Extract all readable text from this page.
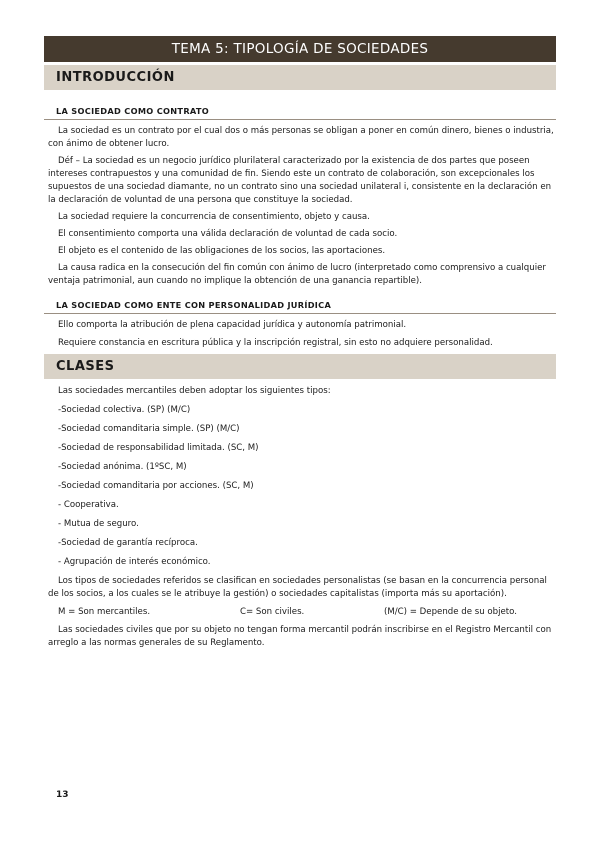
TEMA 5: TIPOLOGÍA DE SOCIEDADES
INTRODUCCIÓN
LA SOCIEDAD COMO CONTRATO

La sociedad es un contrato por el cual dos o más personas se obligan a poner en común dinero, bienes o industria, con ánimo de obtener lucro.

Déf – La sociedad es un negocio jurídico plurilateral caracterizado por la existencia de dos partes que poseen intereses contrapuestos y una comunidad de fin. Siendo este un contrato de colaboración, son excepcionales los supuestos de una sociedad diamante, no un contrato sino una sociedad unilateral i, consistente en la declaración en la declaración de voluntad de una persona que constituye la sociedad.

La sociedad requiere la concurrencia de consentimiento, objeto y causa.

El consentimiento comporta una válida declaración de voluntad de cada socio.

El objeto es el contenido de las obligaciones de los socios, las aportaciones.

La causa radica en la consecución del fin común con ánimo de lucro (interpretado como comprensivo a cualquier ventaja patrimonial, aun cuando no implique la obtención de una ganancia repartible).

LA SOCIEDAD COMO ENTE CON PERSONALIDAD JURÍDICA

Ello comporta la atribución de plena capacidad jurídica y autonomía patrimonial.

Requiere constancia en escritura pública y la inscripción registral, sin esto no adquiere personalidad.

CLASES

Las sociedades mercantiles deben adoptar los siguientes tipos:

-Sociedad colectiva. (SP) (M/C)

-Sociedad comanditaria simple. (SP) (M/C)

-Sociedad de responsabilidad limitada. (SC, M)

-Sociedad anónima. (1ºSC, M)

-Sociedad comanditaria por acciones. (SC, M)

- Cooperativa.

- Mutua de seguro.

-Sociedad de garantía recíproca.

- Agrupación de interés económico.

Los tipos de sociedades referidos se clasifican en sociedades personalistas (se basan en la concurrencia personal de los socios, a los cuales se le atribuye la gestión) o sociedades capitalistas (importa más su aportación).

M = Son mercantiles.	C= Son civiles.	(M/C) = Depende de su objeto.

Las sociedades civiles que por su objeto no tengan forma mercantil podrán inscribirse en el Registro Mercantil con arreglo a las normas generales de su Reglamento.

13
